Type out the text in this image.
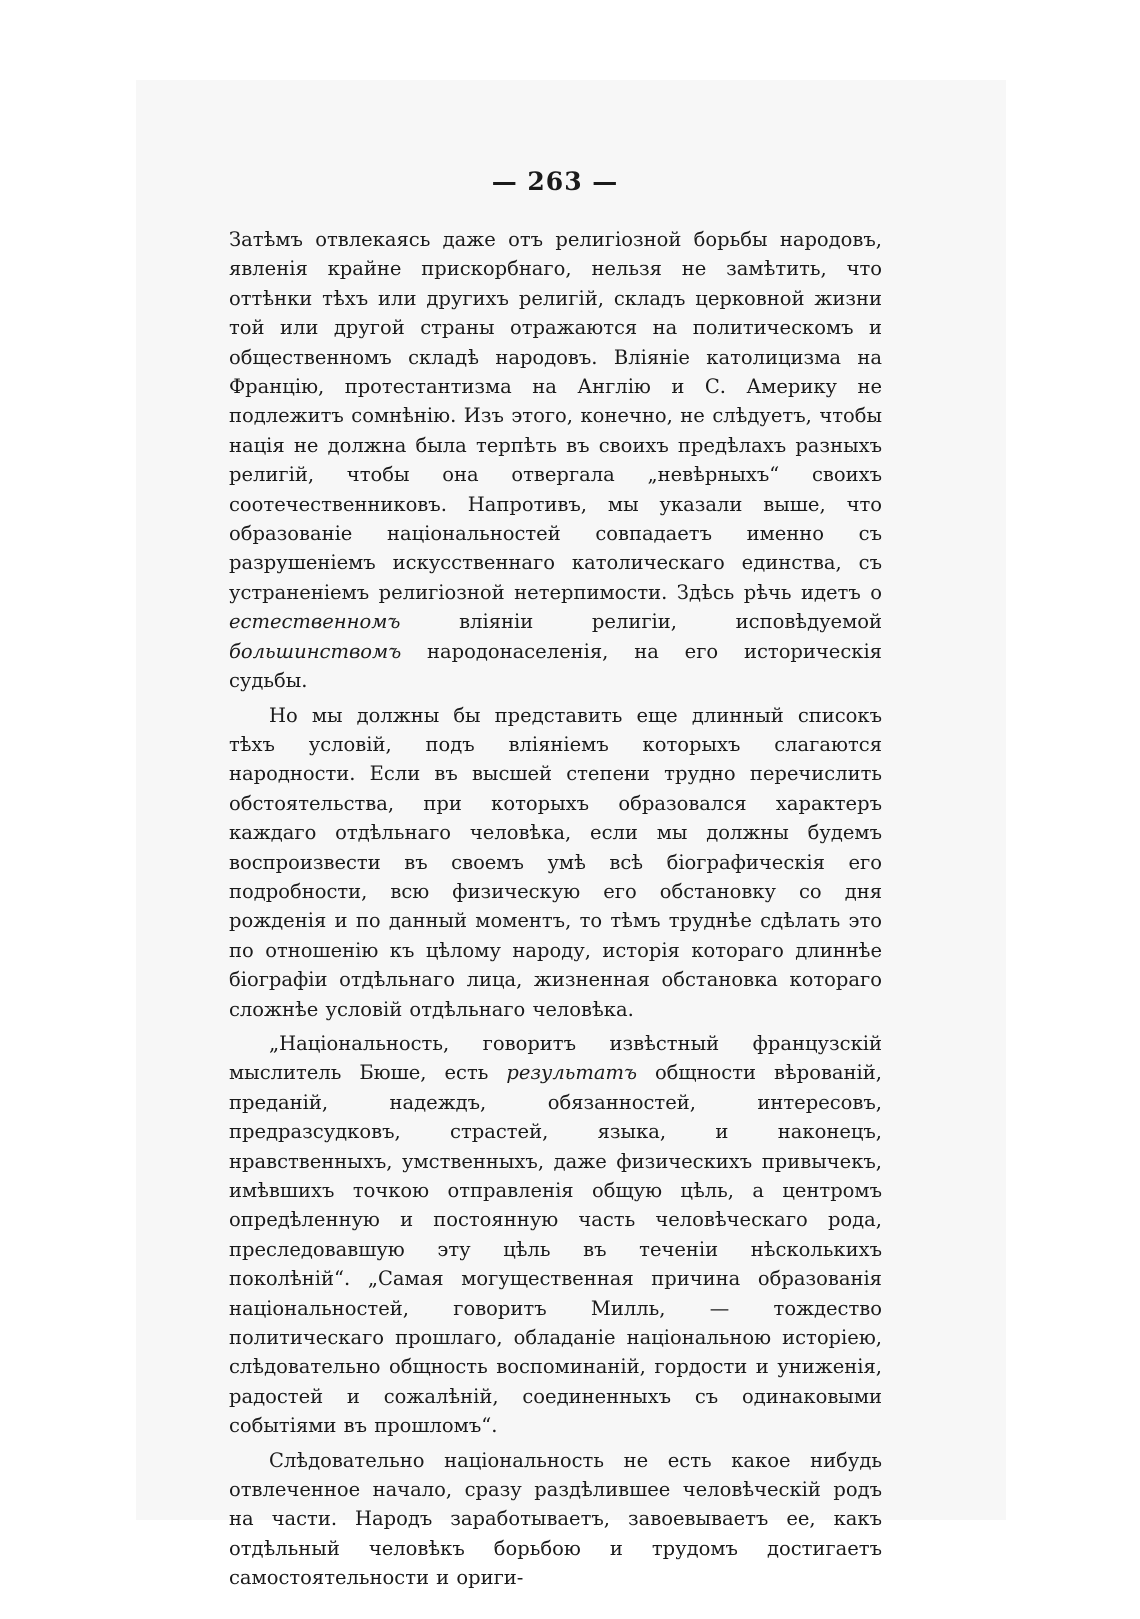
— 263 —

Затѣмъ отвлекаясь даже отъ религіозной борьбы народовъ, явленія крайне прискорбнаго, нельзя не замѣтить, что оттѣнки тѣхъ или другихъ религій, складъ церковной жизни той или другой страны отражаются на политическомъ и общественномъ складѣ народовъ. Вліяніе католицизма на Францію, протестантизма на Англію и С. Америку не подлежитъ сомнѣнію. Изъ этого, конечно, не слѣдуетъ, чтобы нація не должна была терпѣть въ своихъ предѣлахъ разныхъ религій, чтобы она отвергала „невѣрныхъ“ своихъ соотечественниковъ. Напротивъ, мы указали выше, что образованіе національностей совпадаетъ именно съ разрушеніемъ искусственнаго католическаго единства, съ устраненіемъ религіозной нетерпимости. Здѣсь рѣчь идетъ о естественномъ вліяніи религіи, исповѣдуемой большинствомъ народонаселенія, на его историческія судьбы.

Но мы должны бы представить еще длинный списокъ тѣхъ условій, подъ вліяніемъ которыхъ слагаются народности. Если въ высшей степени трудно перечислить обстоятельства, при которыхъ образовался характеръ каждаго отдѣльнаго человѣка, если мы должны будемъ воспроизвести въ своемъ умѣ всѣ біографическія его подробности, всю физическую его обстановку со дня рожденія и по данный моментъ, то тѣмъ труднѣе сдѣлать это по отношенію къ цѣлому народу, исторія котораго длиннѣе біографіи отдѣльнаго лица, жизненная обстановка котораго сложнѣе условій отдѣльнаго человѣка.

„Національность, говоритъ извѣстный французскій мыслитель Бюше, есть результатъ общности вѣрованій, преданій, надеждъ, обязанностей, интересовъ, предразсудковъ, страстей, языка, и наконецъ, нравственныхъ, умственныхъ, даже физическихъ привычекъ, имѣвшихъ точкою отправленія общую цѣль, а центромъ опредѣленную и постоянную часть человѣческаго рода, преследовавшую эту цѣль въ теченіи нѣсколькихъ поколѣній“. „Самая могущественная причина образованія національностей, говоритъ Милль, — тождество политическаго прошлаго, обладаніе національною исторіею, слѣдовательно общность воспоминаній, гордости и униженія, радостей и сожалѣній, соединенныхъ съ одинаковыми событіями въ прошломъ“.

Слѣдовательно національность не есть какое нибудь отвлеченное начало, сразу раздѣлившее человѣческій родъ на части. Народъ заработываетъ, завоевываетъ ее, какъ отдѣльный человѣкъ борьбою и трудомъ достигаетъ самостоятельности и ориги-
